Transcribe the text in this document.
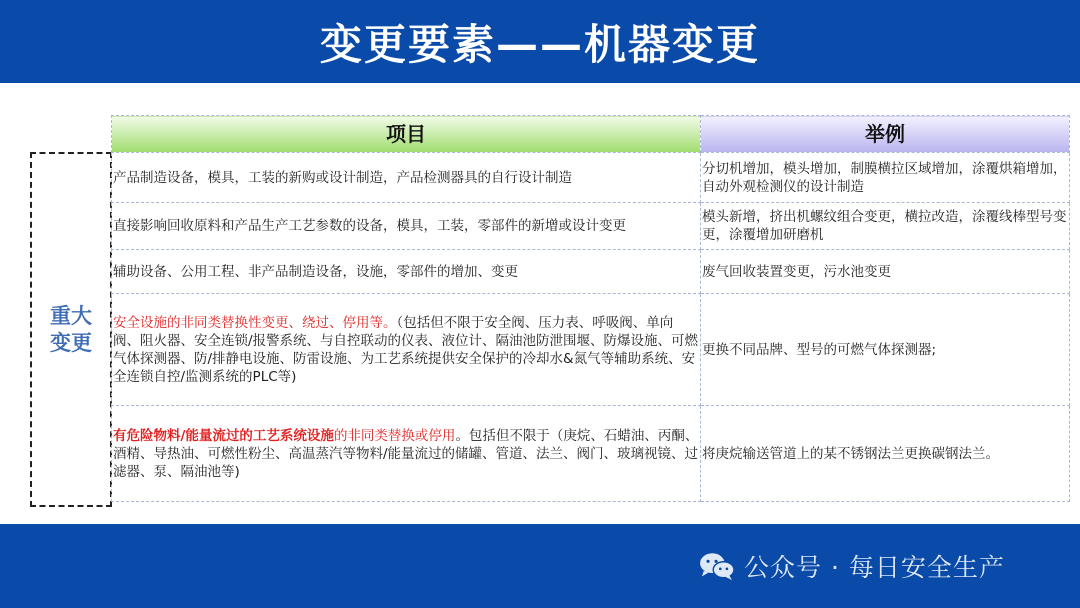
变更要素——机器变更
重大变更
项目	举例
产品制造设备，模具，工装的新购或设计制造，产品检测器具的自行设计制造	分切机增加，模头增加，制膜横拉区域增加，涂覆烘箱增加，自动外观检测仪的设计制造
直接影响回收原料和产品生产工艺参数的设备，模具，工装，零部件的新增或设计变更	模头新增，挤出机螺纹组合变更，横拉改造，涂覆线棒型号变更，涂覆增加研磨机
辅助设备、公用工程、非产品制造设备，设施，零部件的增加、变更	废气回收装置变更，污水池变更
安全设施的非同类替换性变更、绕过、停用等。（包括但不限于安全阀、压力表、呼吸阀、单向阀、阻火器、安全连锁/报警系统、与自控联动的仪表、液位计、隔油池防泄围堰、防爆设施、可燃气体探测器、防/排静电设施、防雷设施、为工艺系统提供安全保护的冷却水&氮气等辅助系统、安全连锁自控/监测系统的PLC等)	更换不同品牌、型号的可燃气体探测器;
有危险物料/能量流过的工艺系统设施的非同类替换或停用。包括但不限于（庚烷、石蜡油、丙酮、酒精、导热油、可燃性粉尘、高温蒸汽等物料/能量流过的储罐、管道、法兰、阀门、玻璃视镜、过滤器、泵、隔油池等)	将庚烷输送管道上的某不锈钢法兰更换碳钢法兰。
公众号 · 每日安全生产
